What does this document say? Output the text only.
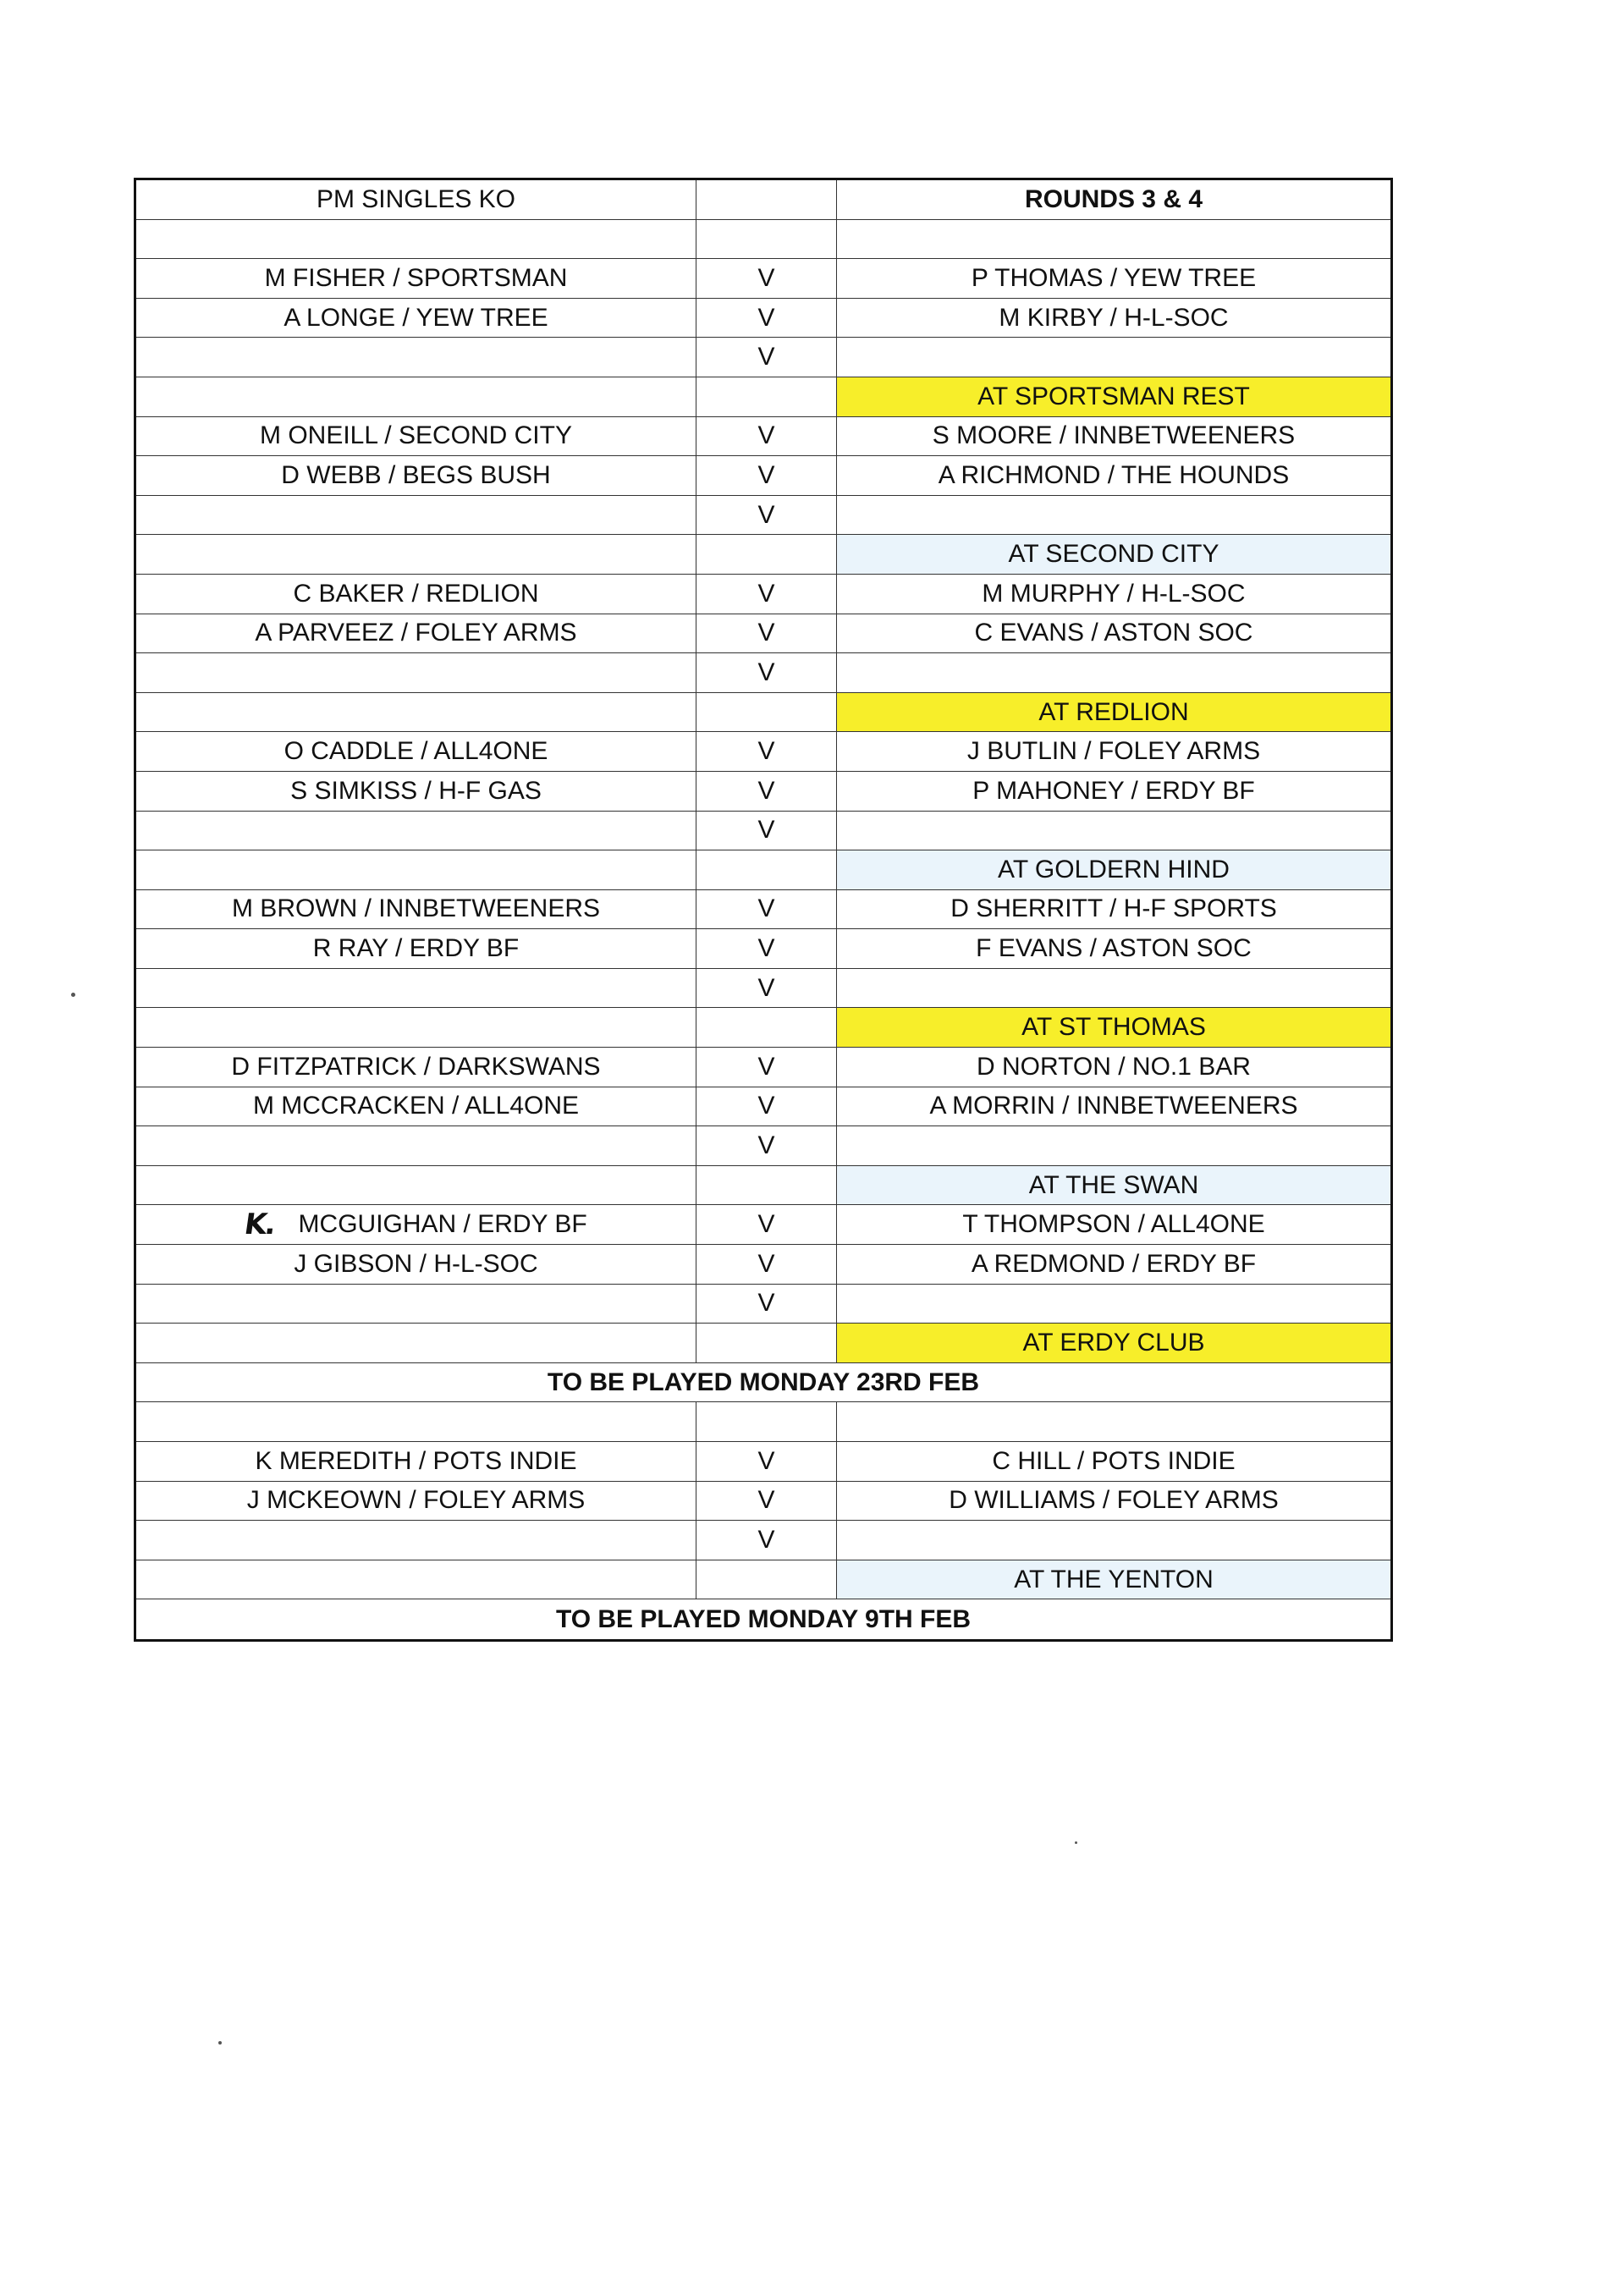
PM SINGLES KO	ROUNDS 3 & 4
M FISHER / SPORTSMAN	V	P THOMAS / YEW TREE
A LONGE / YEW TREE	V	M KIRBY / H-L-SOC
V
AT SPORTSMAN REST
M ONEILL / SECOND CITY	V	S MOORE / INNBETWEENERS
D WEBB / BEGS BUSH	V	A RICHMOND / THE HOUNDS
V
AT SECOND CITY
C BAKER / REDLION	V	M MURPHY / H-L-SOC
A PARVEEZ / FOLEY ARMS	V	C EVANS / ASTON SOC
V
AT REDLION
O CADDLE / ALL4ONE	V	J BUTLIN / FOLEY ARMS
S SIMKISS / H-F GAS	V	P MAHONEY / ERDY BF
V
AT GOLDERN HIND
M BROWN / INNBETWEENERS	V	D SHERRITT / H-F SPORTS
R RAY / ERDY BF	V	F EVANS / ASTON SOC
V
AT ST THOMAS
D FITZPATRICK / DARKSWANS	V	D NORTON / NO.1 BAR
M MCCRACKEN / ALL4ONE	V	A MORRIN / INNBETWEENERS
V
AT THE SWAN
K. MCGUIGHAN / ERDY BF	V	T THOMPSON / ALL4ONE
J GIBSON / H-L-SOC	V	A REDMOND / ERDY BF
V
AT ERDY CLUB
TO BE PLAYED MONDAY 23RD FEB
K MEREDITH / POTS INDIE	V	C HILL / POTS INDIE
J MCKEOWN / FOLEY ARMS	V	D WILLIAMS / FOLEY ARMS
V
AT THE YENTON
TO BE PLAYED MONDAY 9TH FEB
